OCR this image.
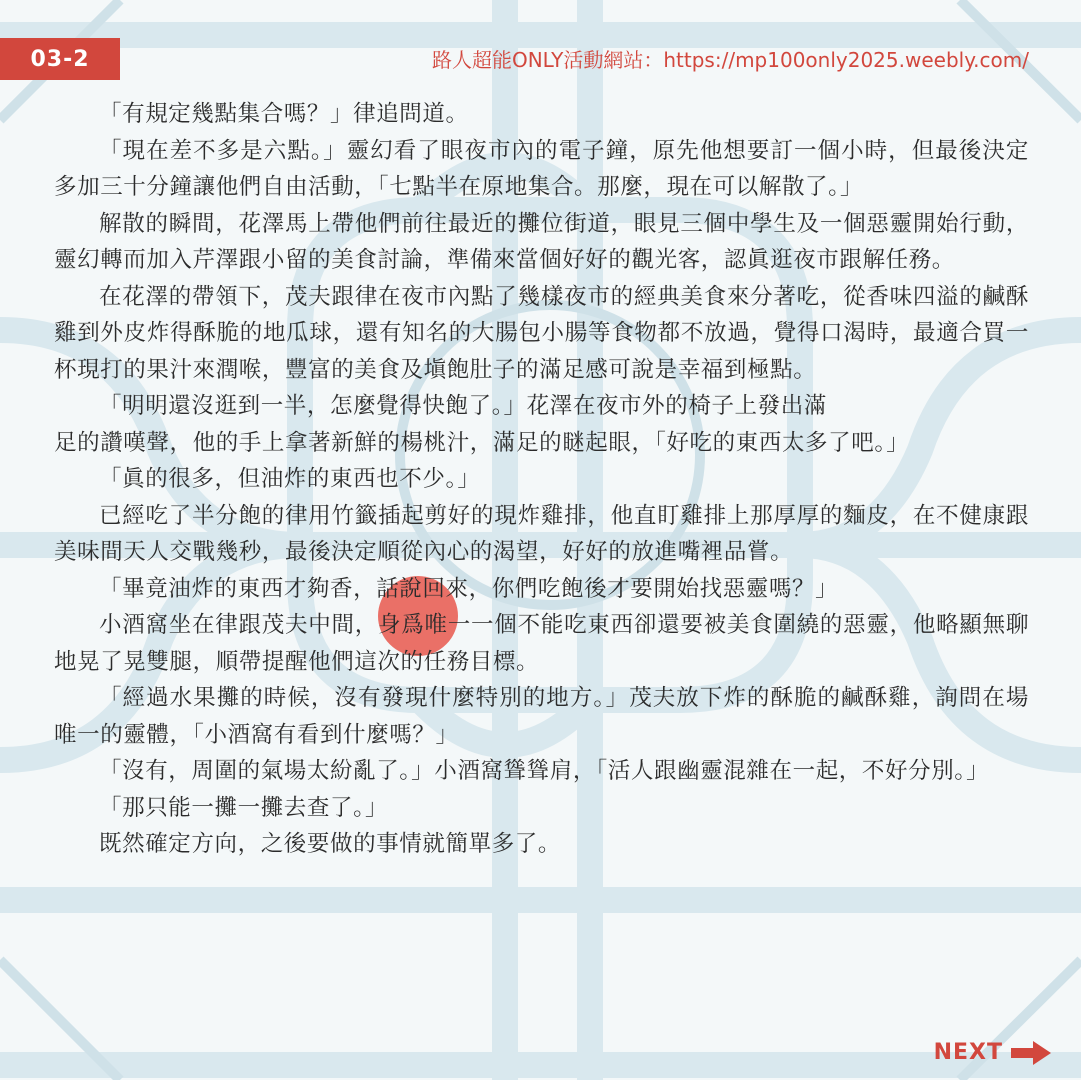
03-2	路人超能ONLY活動網站：https://mp100only2025.weebly.com/

「有規定幾點集合嗎？」律追問道。

「現在差不多是六點。」靈幻看了眼夜市內的電子鐘，原先他想要訂一個小時，但最後決定多加三十分鐘讓他們自由活動，「七點半在原地集合。那麼，現在可以解散了。」

解散的瞬間，花澤馬上帶他們前往最近的攤位街道，眼見三個中學生及一個惡靈開始行動，靈幻轉而加入芹澤跟小留的美食討論，準備來當個好好的觀光客，認眞逛夜市跟解任務。

在花澤的帶領下，茂夫跟律在夜市內點了幾樣夜市的經典美食來分著吃，從香味四溢的鹹酥雞到外皮炸得酥脆的地瓜球，還有知名的大腸包小腸等食物都不放過，覺得口渴時，最適合買一杯現打的果汁來潤喉，豐富的美食及塡飽肚子的滿足感可說是幸福到極點。

「明明還沒逛到一半，怎麼覺得快飽了。」花澤在夜市外的椅子上發出滿

足的讚嘆聲，他的手上拿著新鮮的楊桃汁，滿足的瞇起眼，「好吃的東西太多了吧。」

「眞的很多，但油炸的東西也不少。」

已經吃了半分飽的律用竹籤插起剪好的現炸雞排，他直盯雞排上那厚厚的麵皮，在不健康跟美味間天人交戰幾秒，最後決定順從內心的渴望，好好的放進嘴裡品嘗。

「畢竟油炸的東西才夠香，話說回來，你們吃飽後才要開始找惡靈嗎？」

小酒窩坐在律跟茂夫中間，身爲唯一一個不能吃東西卻還要被美食圍繞的惡靈，他略顯無聊地晃了晃雙腿，順帶提醒他們這次的任務目標。

「經過水果攤的時候，沒有發現什麼特別的地方。」茂夫放下炸的酥脆的鹹酥雞，詢問在場唯一的靈體，「小酒窩有看到什麼嗎？」

「沒有，周圍的氣場太紛亂了。」小酒窩聳聳肩，「活人跟幽靈混雜在一起，不好分別。」

「那只能一攤一攤去查了。」

既然確定方向，之後要做的事情就簡單多了。

NEXT
